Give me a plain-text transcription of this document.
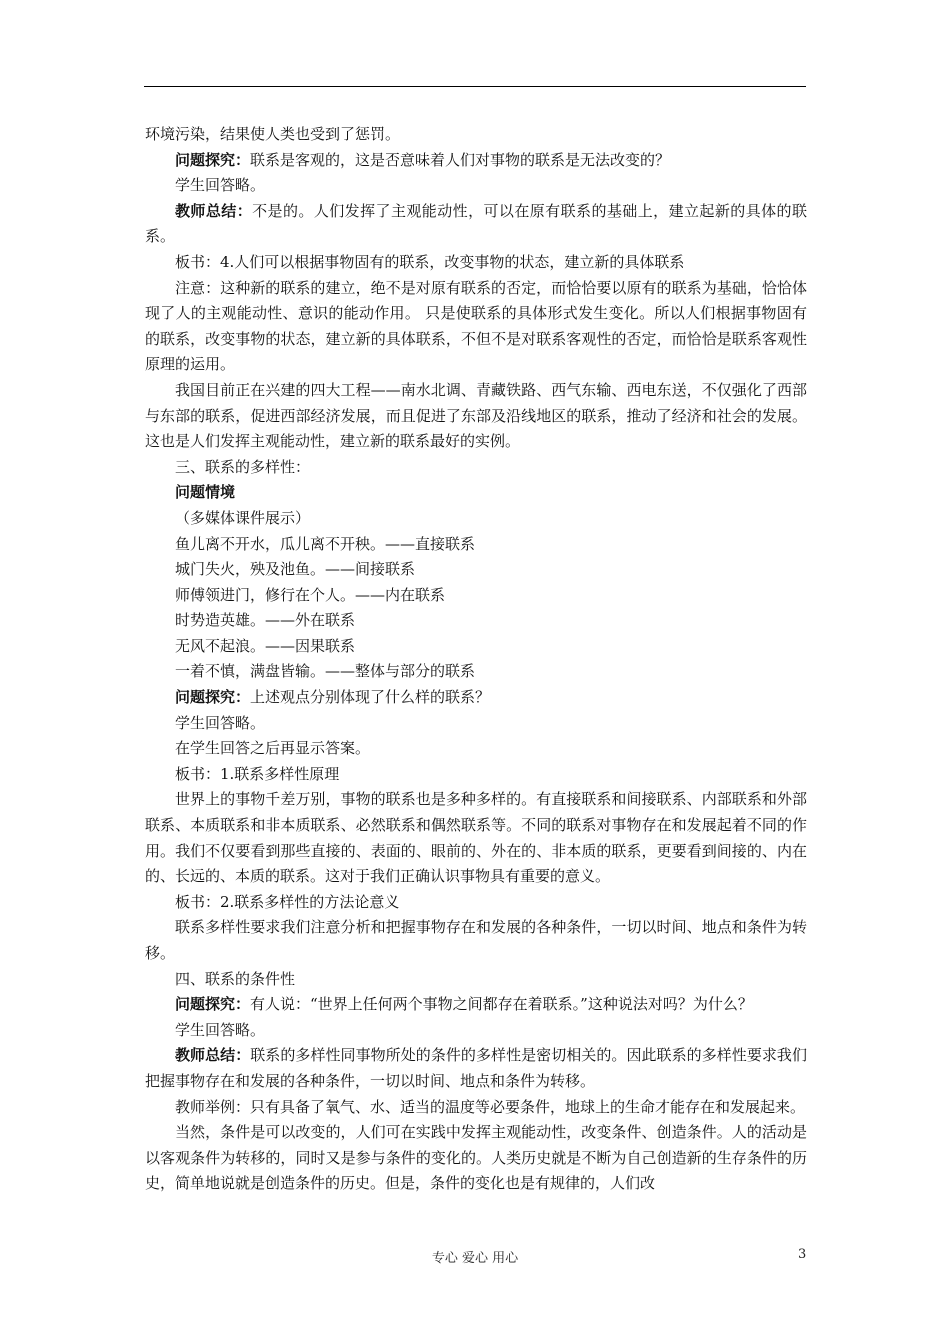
环境污染，结果使人类也受到了惩罚。

问题探究：联系是客观的，这是否意味着人们对事物的联系是无法改变的？

学生回答略。

教师总结：不是的。人们发挥了主观能动性，可以在原有联系的基础上，建立起新的具体的联系。

板书：4.人们可以根据事物固有的联系，改变事物的状态，建立新的具体联系

注意：这种新的联系的建立，绝不是对原有联系的否定，而恰恰要以原有的联系为基础，恰恰体现了人的主观能动性、意识的能动作用。 只是使联系的具体形式发生变化。所以人们根据事物固有的联系，改变事物的状态，建立新的具体联系，不但不是对联系客观性的否定，而恰恰是联系客观性原理的运用。

我国目前正在兴建的四大工程——南水北调、青藏铁路、西气东输、西电东送，不仅强化了西部与东部的联系，促进西部经济发展，而且促进了东部及沿线地区的联系，推动了经济和社会的发展。这也是人们发挥主观能动性，建立新的联系最好的实例。

三、联系的多样性：

问题情境

（多媒体课件展示）

鱼儿离不开水，瓜儿离不开秧。——直接联系

城门失火，殃及池鱼。——间接联系

师傅领进门，修行在个人。——内在联系

时势造英雄。——外在联系

无风不起浪。——因果联系

一着不慎，满盘皆输。——整体与部分的联系

问题探究：上述观点分别体现了什么样的联系？

学生回答略。

在学生回答之后再显示答案。

板书：1.联系多样性原理

世界上的事物千差万别，事物的联系也是多种多样的。有直接联系和间接联系、内部联系和外部联系、本质联系和非本质联系、必然联系和偶然联系等。不同的联系对事物存在和发展起着不同的作用。我们不仅要看到那些直接的、表面的、眼前的、外在的、非本质的联系，更要看到间接的、内在的、长远的、本质的联系。这对于我们正确认识事物具有重要的意义。

板书：2.联系多样性的方法论意义

联系多样性要求我们注意分析和把握事物存在和发展的各种条件，一切以时间、地点和条件为转移。

四、联系的条件性

问题探究：有人说：“世界上任何两个事物之间都存在着联系。”这种说法对吗？为什么？

学生回答略。

教师总结：联系的多样性同事物所处的条件的多样性是密切相关的。因此联系的多样性要求我们把握事物存在和发展的各种条件，一切以时间、地点和条件为转移。

教师举例：只有具备了氧气、水、适当的温度等必要条件，地球上的生命才能存在和发展起来。

当然，条件是可以改变的，人们可在实践中发挥主观能动性，改变条件、创造条件。人的活动是以客观条件为转移的，同时又是参与条件的变化的。人类历史就是不断为自己创造新的生存条件的历史，简单地说就是创造条件的历史。但是，条件的变化也是有规律的，人们改

专心 爱心 用心	3
